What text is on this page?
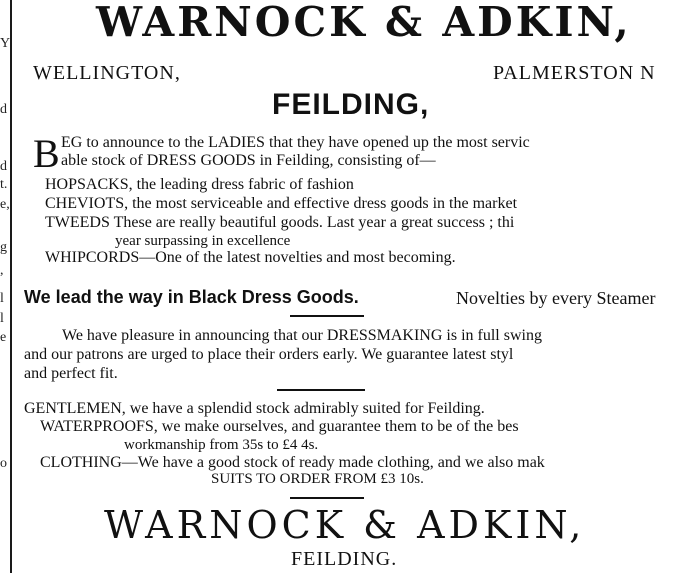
Y
d
d
t.
e,
g
,
l
l
e
o
WARNOCK & ADKIN,
WELLINGTON,	PALMERSTON N
FEILDING,
B EG to announce to the LADIES that they have opened up the most servic
able stock of DRESS GOODS in Feilding, consisting of—
HOPSACKS, the leading dress fabric of fashion
CHEVIOTS, the most serviceable and effective dress goods in the market
TWEEDS These are really beautiful goods. Last year a great success ; thi
year surpassing in excellence
WHIPCORDS—One of the latest novelties and most becoming.
We lead the way in Black Dress Goods.	Novelties by every Steamer
We have pleasure in announcing that our DRESSMAKING is in full swing
and our patrons are urged to place their orders early. We guarantee latest styl
and perfect fit.
GENTLEMEN, we have a splendid stock admirably suited for Feilding.
WATERPROOFS, we make ourselves, and guarantee them to be of the bes
workmanship from 35s to £4 4s.
CLOTHING—We have a good stock of ready made clothing, and we also mak
SUITS TO ORDER FROM £3 10s.
WARNOCK & ADKIN,
FEILDING.
